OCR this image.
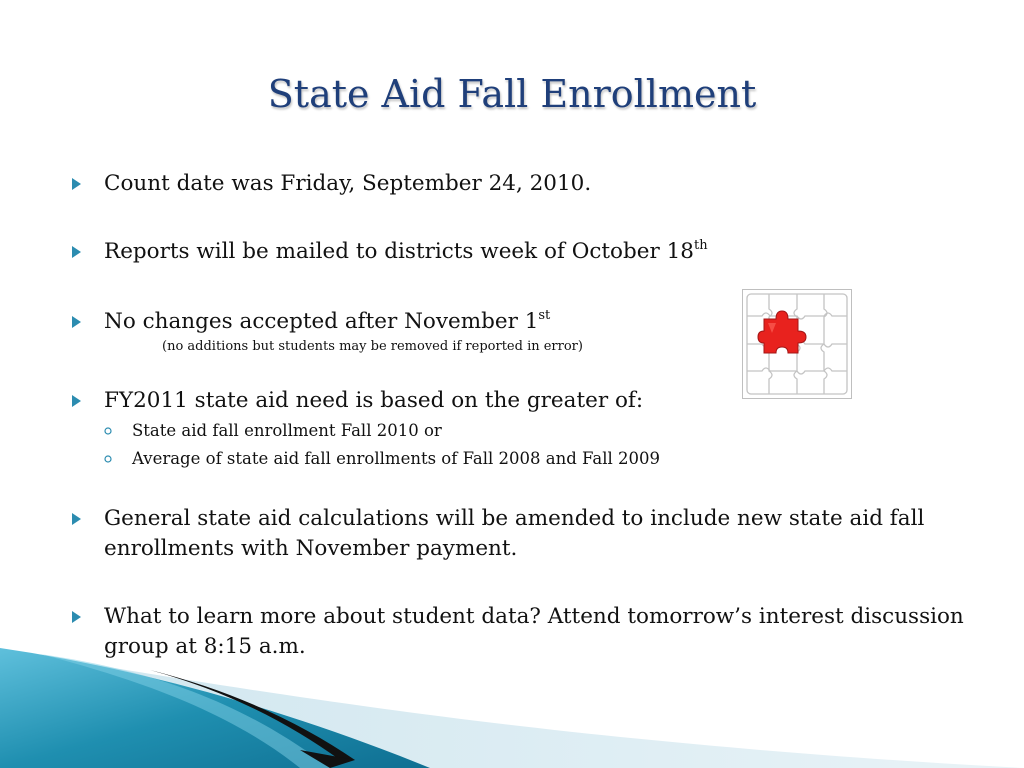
State Aid Fall Enrollment
Count date was Friday, September 24, 2010.
Reports will be mailed to districts week of October 18th
No changes accepted after November 1st
(no additions but students may be removed if reported in error)
FY2011 state aid need is based on the greater of:
State aid fall enrollment Fall 2010 or
Average of state aid fall enrollments of Fall 2008 and Fall 2009
General state aid calculations will be amended to include new state aid fall enrollments with November payment.
What to learn more about student data? Attend tomorrow’s interest discussion group at 8:15 a.m.
